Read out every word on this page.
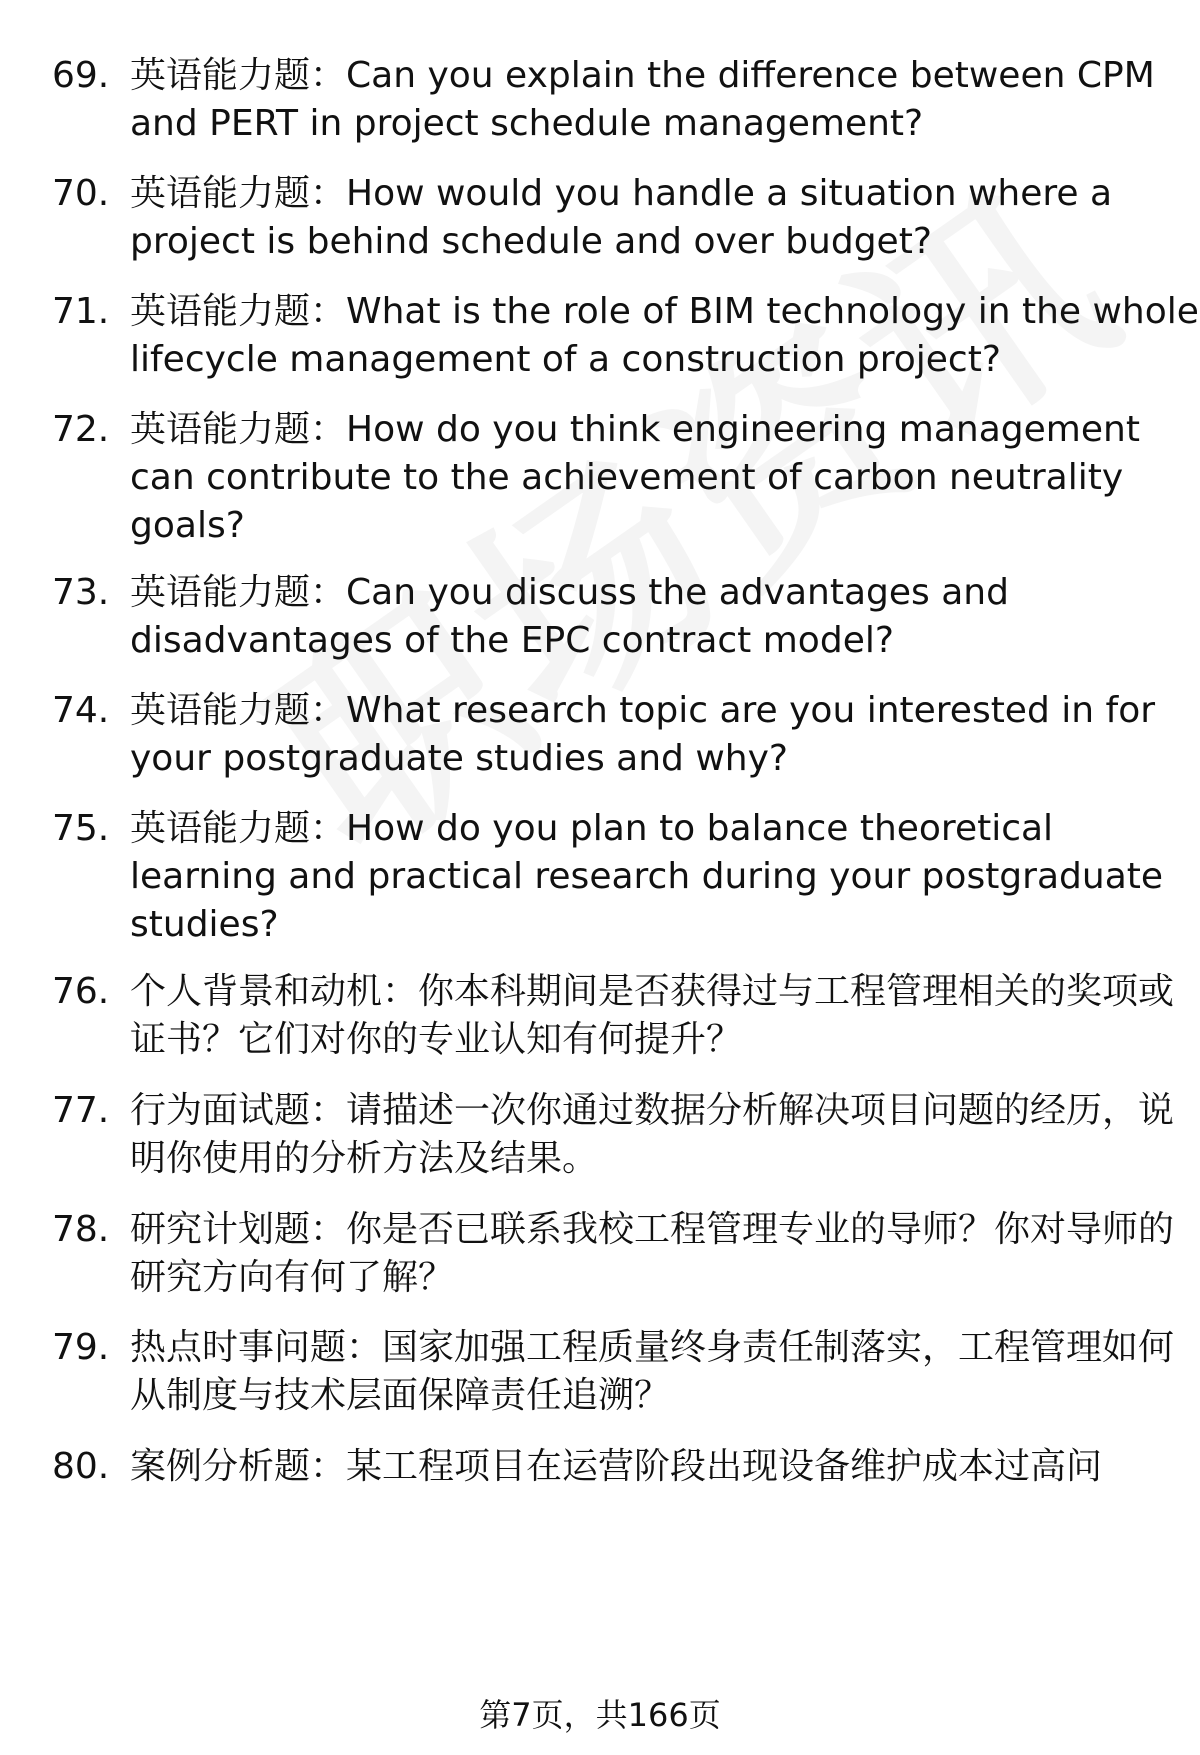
69. 英语能力题：Can you explain the difference between CPM and PERT in project schedule management?
70. 英语能力题：How would you handle a situation where a project is behind schedule and over budget?
71. 英语能力题：What is the role of BIM technology in the whole lifecycle management of a construction project?
72. 英语能力题：How do you think engineering management can contribute to the achievement of carbon neutrality goals?
73. 英语能力题：Can you discuss the advantages and disadvantages of the EPC contract model?
74. 英语能力题：What research topic are you interested in for your postgraduate studies and why?
75. 英语能力题：How do you plan to balance theoretical learning and practical research during your postgraduate studies?
76. 个人背景和动机：你本科期间是否获得过与工程管理相关的奖项或证书？它们对你的专业认知有何提升？
77. 行为面试题：请描述一次你通过数据分析解决项目问题的经历，说明你使用的分析方法及结果。
78. 研究计划题：你是否已联系我校工程管理专业的导师？你对导师的研究方向有何了解？
79. 热点时事问题：国家加强工程质量终身责任制落实，工程管理如何从制度与技术层面保障责任追溯？
80. 案例分析题：某工程项目在运营阶段出现设备维护成本过高问
第7页，共166页
